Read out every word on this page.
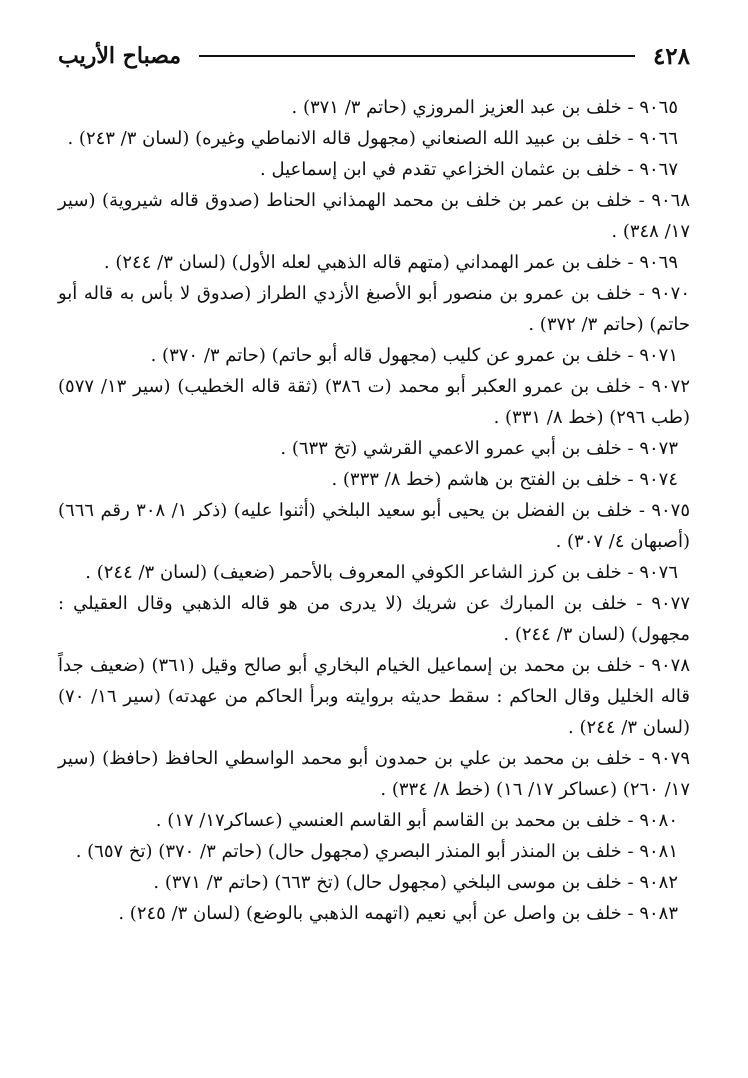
٤٢٨
مصباح الأريب

٩٠٦٥ - خلف بن عبد العزيز المروزي (حاتم ٣/ ٣٧١) .

٩٠٦٦ - خلف بن عبيد الله الصنعاني (مجهول قاله الانماطي وغيره) (لسان ٣/ ٢٤٣) .

٩٠٦٧ - خلف بن عثمان الخزاعي تقدم في ابن إسماعيل .

٩٠٦٨ - خلف بن عمر بن خلف بن محمد الهمذاني الحناط (صدوق قاله شيروية) (سير ١٧/ ٣٤٨) .

٩٠٦٩ - خلف بن عمر الهمداني (متهم قاله الذهبي لعله الأول) (لسان ٣/ ٢٤٤) .

٩٠٧٠ - خلف بن عمرو بن منصور أبو الأصبغ الأزدي الطراز (صدوق لا بأس به قاله أبو حاتم) (حاتم ٣/ ٣٧٢) .

٩٠٧١ - خلف بن عمرو عن كليب (مجهول قاله أبو حاتم) (حاتم ٣/ ٣٧٠) .

٩٠٧٢ - خلف بن عمرو العكبر أبو محمد (ت ٣٨٦) (ثقة قاله الخطيب) (سير ١٣/ ٥٧٧) (طب ٢٩٦) (خط ٨/ ٣٣١) .

٩٠٧٣ - خلف بن أبي عمرو الاعمي القرشي (تخ ٦٣٣) .

٩٠٧٤ - خلف بن الفتح بن هاشم (خط ٨/ ٣٣٣) .

٩٠٧٥ - خلف بن الفضل بن يحيى أبو سعيد البلخي (أثنوا عليه) (ذكر ١/ ٣٠٨ رقم ٦٦٦) (أصبهان ٤/ ٣٠٧) .

٩٠٧٦ - خلف بن كرز الشاعر الكوفي المعروف بالأحمر (ضعيف) (لسان ٣/ ٢٤٤) .

٩٠٧٧ - خلف بن المبارك عن شريك (لا يدرى من هو قاله الذهبي وقال العقيلي : مجهول) (لسان ٣/ ٢٤٤) .

٩٠٧٨ - خلف بن محمد بن إسماعيل الخيام البخاري أبو صالح وقيل (٣٦١) (ضعيف جداً قاله الخليل وقال الحاكم : سقط حديثه بروايته وبرأ الحاكم من عهدته) (سير ١٦/ ٧٠) (لسان ٣/ ٢٤٤) .

٩٠٧٩ - خلف بن محمد بن علي بن حمدون أبو محمد الواسطي الحافظ (حافظ) (سير ١٧/ ٢٦٠) (عساكر ١٧/ ١٦) (خط ٨/ ٣٣٤) .

٩٠٨٠ - خلف بن محمد بن القاسم أبو القاسم العنسي (عساكر١٧/ ١٧) .

٩٠٨١ - خلف بن المنذر أبو المنذر البصري (مجهول حال) (حاتم ٣/ ٣٧٠) (تخ ٦٥٧) .

٩٠٨٢ - خلف بن موسى البلخي (مجهول حال) (تخ ٦٦٣) (حاتم ٣/ ٣٧١) .

٩٠٨٣ - خلف بن واصل عن أبي نعيم (اتهمه الذهبي بالوضع) (لسان ٣/ ٢٤٥) .
